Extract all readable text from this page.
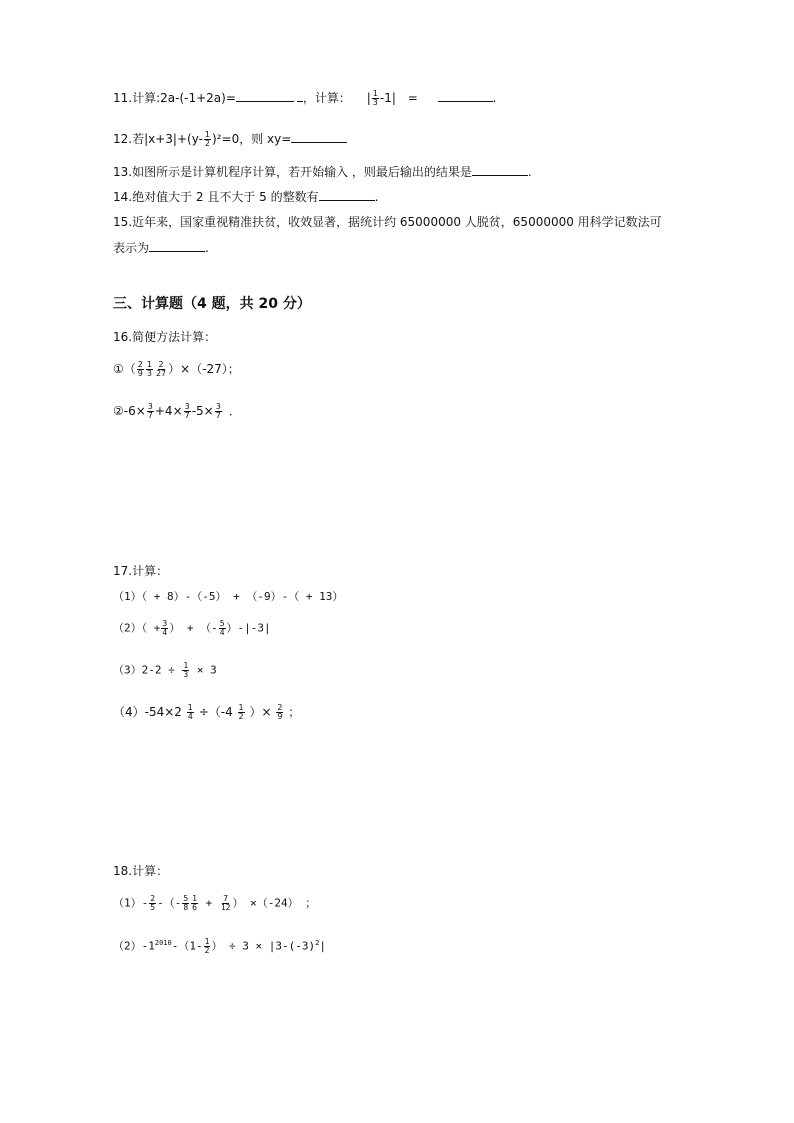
11.计算:2a-(-1+2a)=	，计算： | $\frac{1}{3} -1|$ =	.
12.若$|x+3|+(y- \frac{1}{2} )^2=0$，则 xy=
13.如图所示是计算机程序计算，若开始输入 ，则最后输出的结果是	.
14.绝对值大于 2 且不大于 5 的整数有	.
15.近年来，国家重视精准扶贫，收效显著，据统计约 65000000 人脱贫，65000000 用科学记数法可
表示为	.
三、计算题（4 题，共 20 分）
16.简便方法计算：
①（ $\frac{2}{9} \frac{1}{3} \frac{2}{27} )\times(-27)$；
②-6× $\frac{3}{7} +4\times \frac{3}{7} -5\times \frac{3}{7}$ ．
17.计算：
（1）（ + 8）-（-5） + （-9）-（ + 13）
$(2)( + \frac{3}{4}$ ） + （- $\frac{5}{4} )-|-3|$
$(3)2-2 \div \frac{1}{3} \times 3$
$(4)-54\times 2 \frac{1}{4} \div(-4 \frac{1}{2}$ ）× $\frac{2}{9}$ ；
18.计算：
$(1)- \frac{2}{5}$ -（- $\frac{5}{8} \frac{1}{6} + \frac{7}{12}$ ） ×（-24） ；
$(2)-1^{2010}-(1- \frac{1}{2}$ ） ÷ $3 \times |3-(-3)^2|$
